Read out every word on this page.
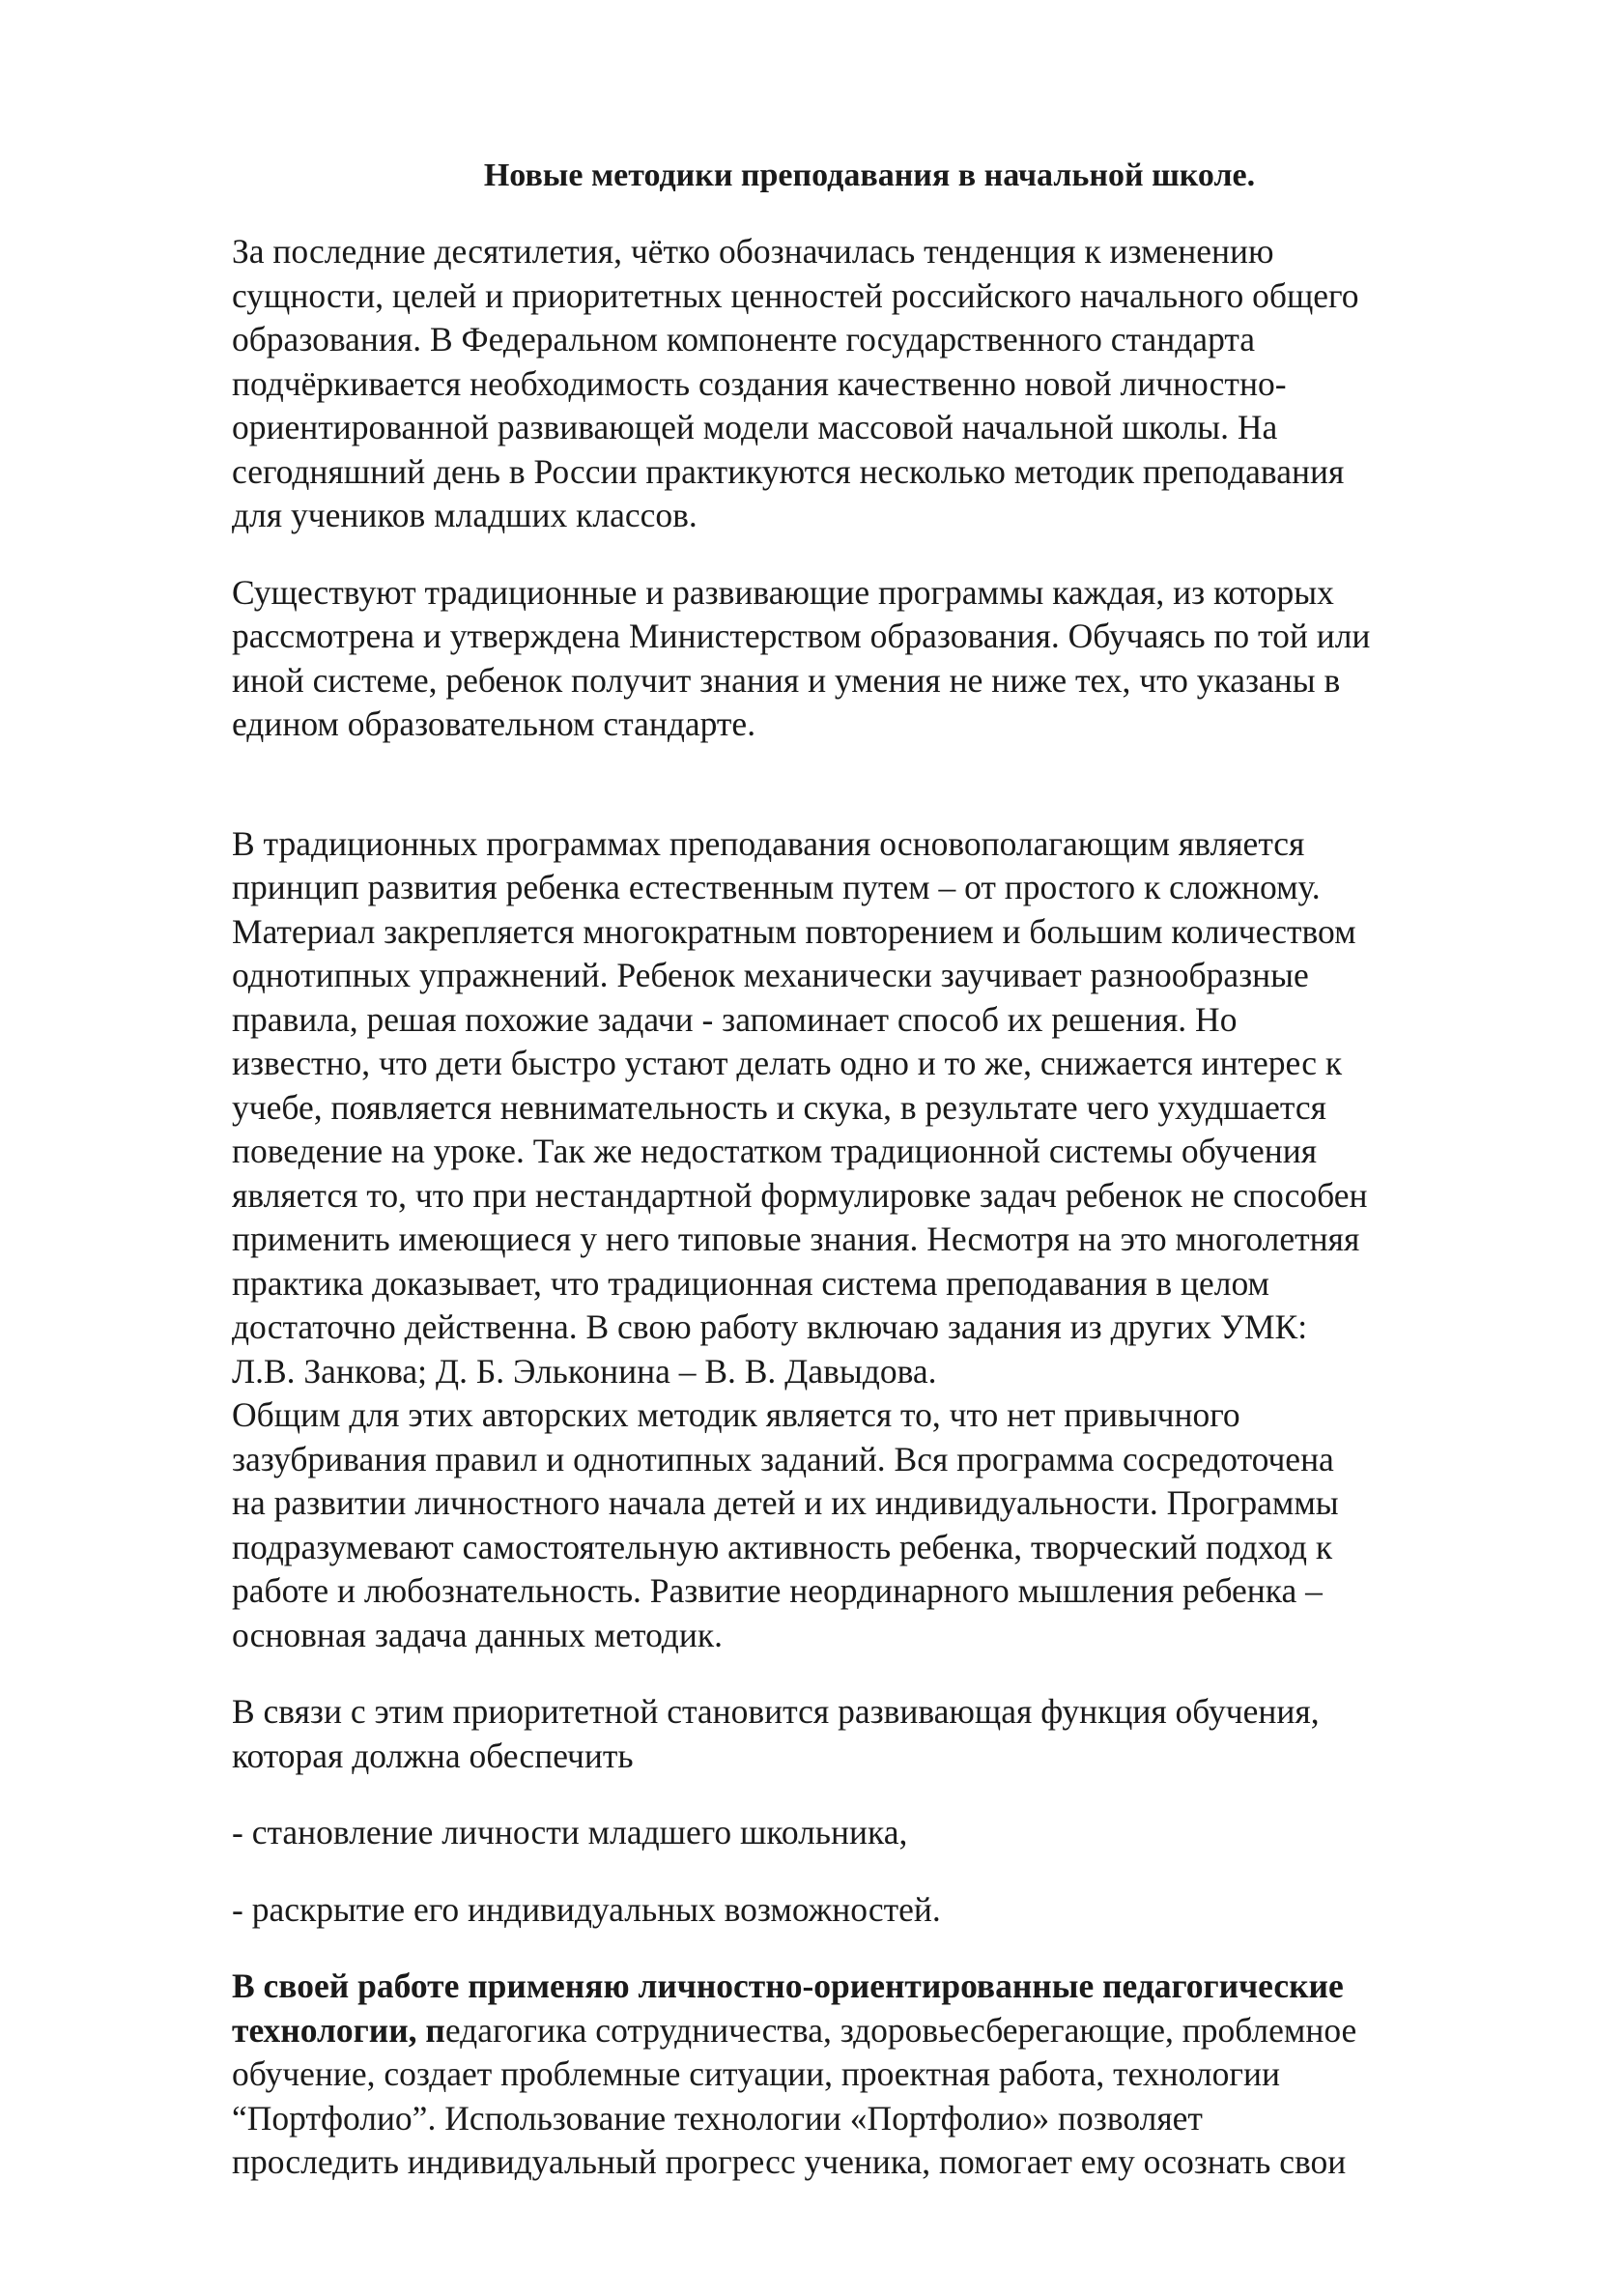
Новые методики преподавания в начальной школе.

За последние десятилетия, чётко обозначилась тенденция к изменению
сущности, целей и приоритетных ценностей российского начального общего
образования. В Федеральном компоненте государственного стандарта
подчёркивается необходимость создания качественно новой личностно-
ориентированной развивающей модели массовой начальной школы. На
сегодняшний день в России практикуются несколько методик преподавания
для учеников младших классов.

Существуют традиционные и развивающие программы каждая, из которых
рассмотрена и утверждена Министерством образования. Обучаясь по той или
иной системе, ребенок получит знания и умения не ниже тех, что указаны в
едином образовательном стандарте.

В традиционных программах преподавания основополагающим является
принцип развития ребенка естественным путем – от простого к сложному.
Материал закрепляется многократным повторением и большим количеством
однотипных упражнений. Ребенок механически заучивает разнообразные
правила, решая похожие задачи - запоминает способ их решения. Но
известно, что дети быстро устают делать одно и то же, снижается интерес к
учебе, появляется невнимательность и скука, в результате чего ухудшается
поведение на уроке. Так же недостатком традиционной системы обучения
является то, что при нестандартной формулировке задач ребенок не способен
применить имеющиеся у него типовые знания. Несмотря на это многолетняя
практика доказывает, что традиционная система преподавания в целом
достаточно действенна. В свою работу включаю задания из других УМК:
Л.В. Занкова; Д. Б. Эльконина – В. В. Давыдова.

Общим для этих авторских методик является то, что нет привычного
зазубривания правил и однотипных заданий. Вся программа сосредоточена
на развитии личностного начала детей и их индивидуальности. Программы
подразумевают самостоятельную активность ребенка, творческий подход к
работе и любознательность. Развитие неординарного мышления ребенка –
основная задача данных методик.

В связи с этим приоритетной становится развивающая функция обучения,
которая должна обеспечить

- становление личности младшего школьника,

- раскрытие его индивидуальных возможностей.

В своей работе применяю личностно-ориентированные педагогические
технологии, педагогика сотрудничества, здоровьесберегающие, проблемное
обучение, создает проблемные ситуации, проектная работа, технологии
“Портфолио”. Использование технологии «Портфолио» позволяет
проследить индивидуальный прогресс ученика, помогает ему осознать свои
